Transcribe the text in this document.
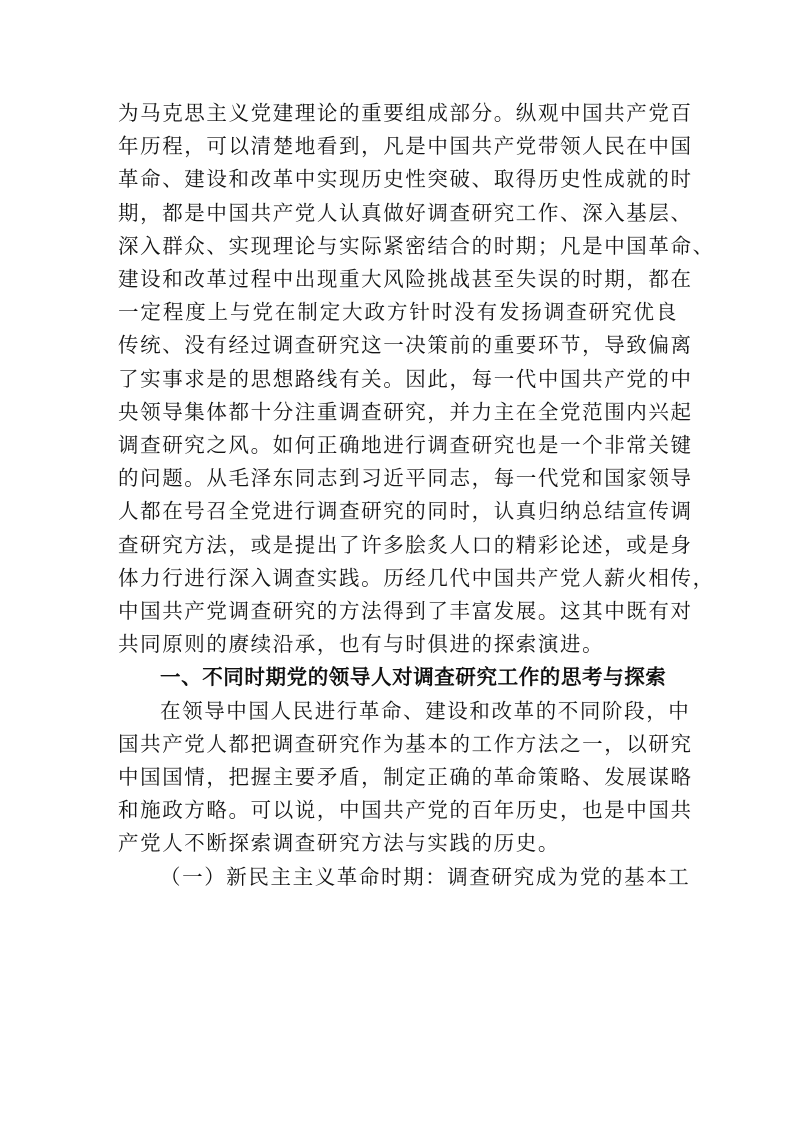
为马克思主义党建理论的重要组成部分。纵观中国共产党百
年历程，可以清楚地看到，凡是中国共产党带领人民在中国
革命、建设和改革中实现历史性突破、取得历史性成就的时
期，都是中国共产党人认真做好调查研究工作、深入基层、
深入群众、实现理论与实际紧密结合的时期；凡是中国革命、
建设和改革过程中出现重大风险挑战甚至失误的时期，都在
一定程度上与党在制定大政方针时没有发扬调查研究优良
传统、没有经过调查研究这一决策前的重要环节，导致偏离
了实事求是的思想路线有关。因此，每一代中国共产党的中
央领导集体都十分注重调查研究，并力主在全党范围内兴起
调查研究之风。如何正确地进行调查研究也是一个非常关键
的问题。从毛泽东同志到习近平同志，每一代党和国家领导
人都在号召全党进行调查研究的同时，认真归纳总结宣传调
查研究方法，或是提出了许多脍炙人口的精彩论述，或是身
体力行进行深入调查实践。历经几代中国共产党人薪火相传，
中国共产党调查研究的方法得到了丰富发展。这其中既有对
共同原则的赓续沿承，也有与时俱进的探索演进。
一、不同时期党的领导人对调查研究工作的思考与探索
在领导中国人民进行革命、建设和改革的不同阶段，中
国共产党人都把调查研究作为基本的工作方法之一，以研究
中国国情，把握主要矛盾，制定正确的革命策略、发展谋略
和施政方略。可以说，中国共产党的百年历史，也是中国共
产党人不断探索调查研究方法与实践的历史。
（一）新民主主义革命时期：调查研究成为党的基本工
